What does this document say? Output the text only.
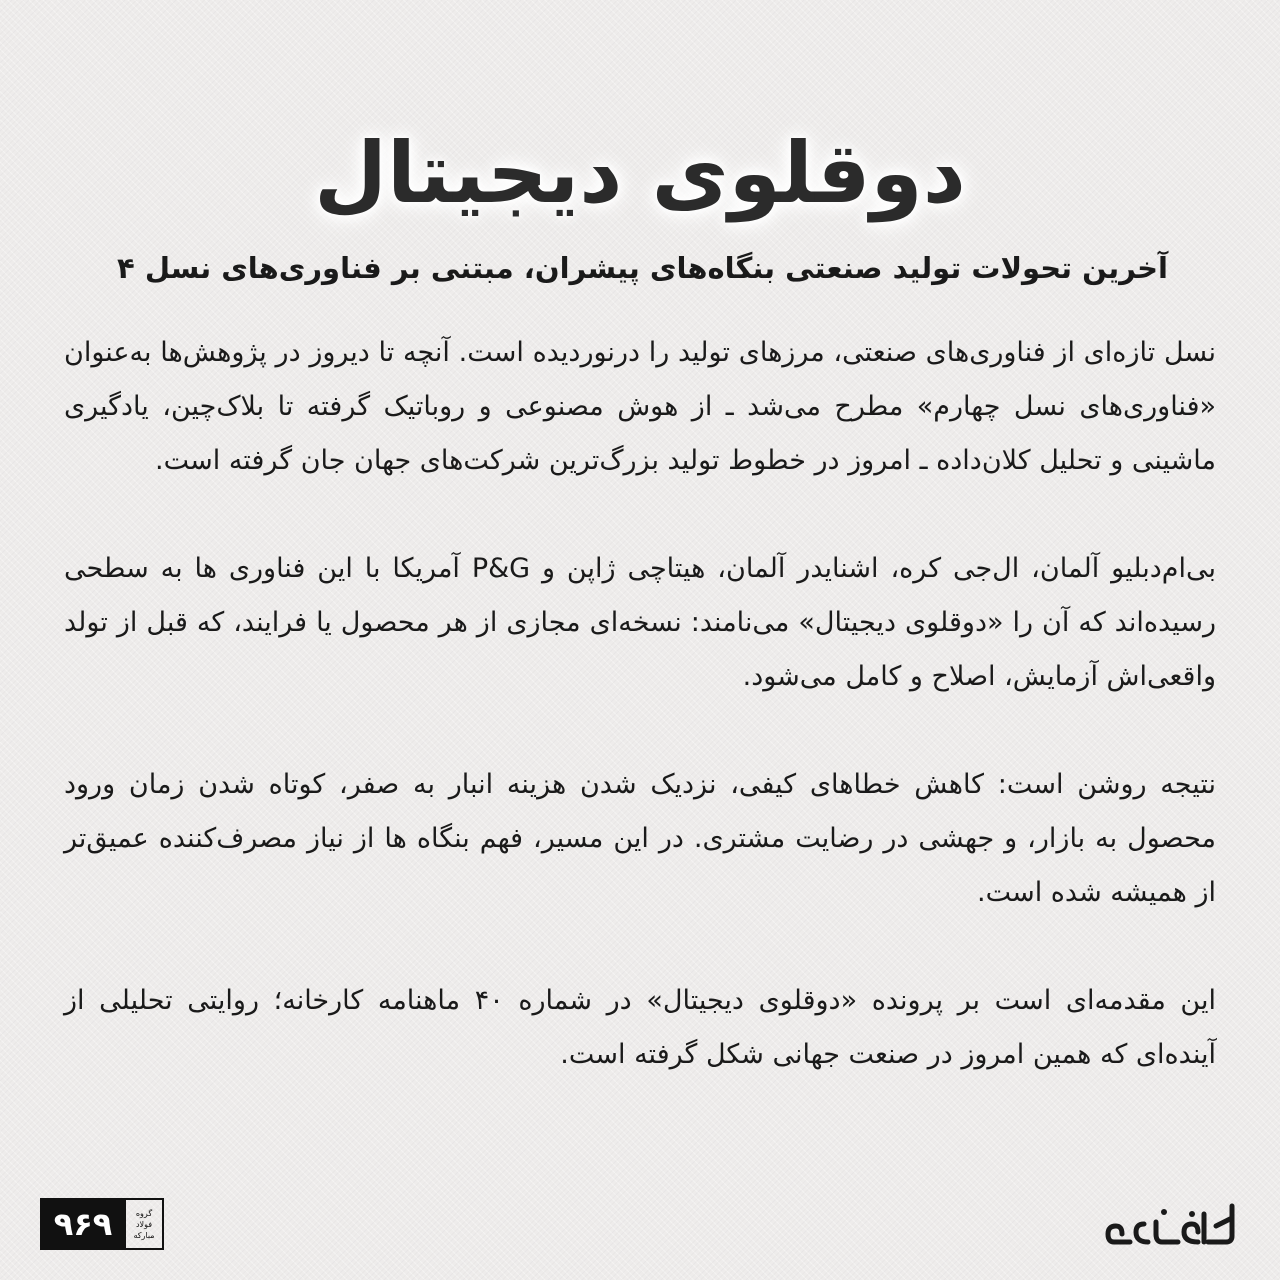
دوقلوی دیجیتال
آخرین تحولات تولید صنعتی بنگاه‌های پیشران، مبتنی بر فناوری‌های نسل ۴

نسل تازه‌ای از فناوری‌های صنعتی، مرزهای تولید را درنوردیده است. آنچه تا دیروز در پژوهش‌ها به‌عنوان «فناوری‌های نسل چهارم» مطرح می‌شد ـ از هوش مصنوعی و روباتیک گرفته تا بلاک‌چین، یادگیری ماشینی و تحلیل کلان‌داده ـ امروز در خطوط تولید بزرگ‌ترین شرکت‌های جهان جان گرفته است.

بی‌ام‌دبلیو آلمان، ال‌جی کره، اشنایدر آلمان، هیتاچی ژاپن و P&G آمریکا با این فناوری ها به سطحی رسیده‌اند که آن را «دوقلوی دیجیتال» می‌نامند: نسخه‌ای مجازی از هر محصول یا فرایند، که قبل از تولد واقعی‌اش آزمایش، اصلاح و کامل می‌شود.

نتیجه روشن است: کاهش خطاهای کیفی، نزدیک شدن هزینه انبار به صفر، کوتاه شدن زمان ورود محصول به بازار، و جهشی در رضایت مشتری. در این مسیر، فهم بنگاه ها از نیاز مصرف‌کننده عمیق‌تر از همیشه شده است.

این مقدمه‌ای است بر پرونده «دوقلوی دیجیتال» در شماره ۴۰ ماهنامه کارخانه؛ روایتی تحلیلی از آینده‌ای که همین امروز در صنعت جهانی شکل گرفته است.

۹۶۹	گروه
فولاد
مبارکه
